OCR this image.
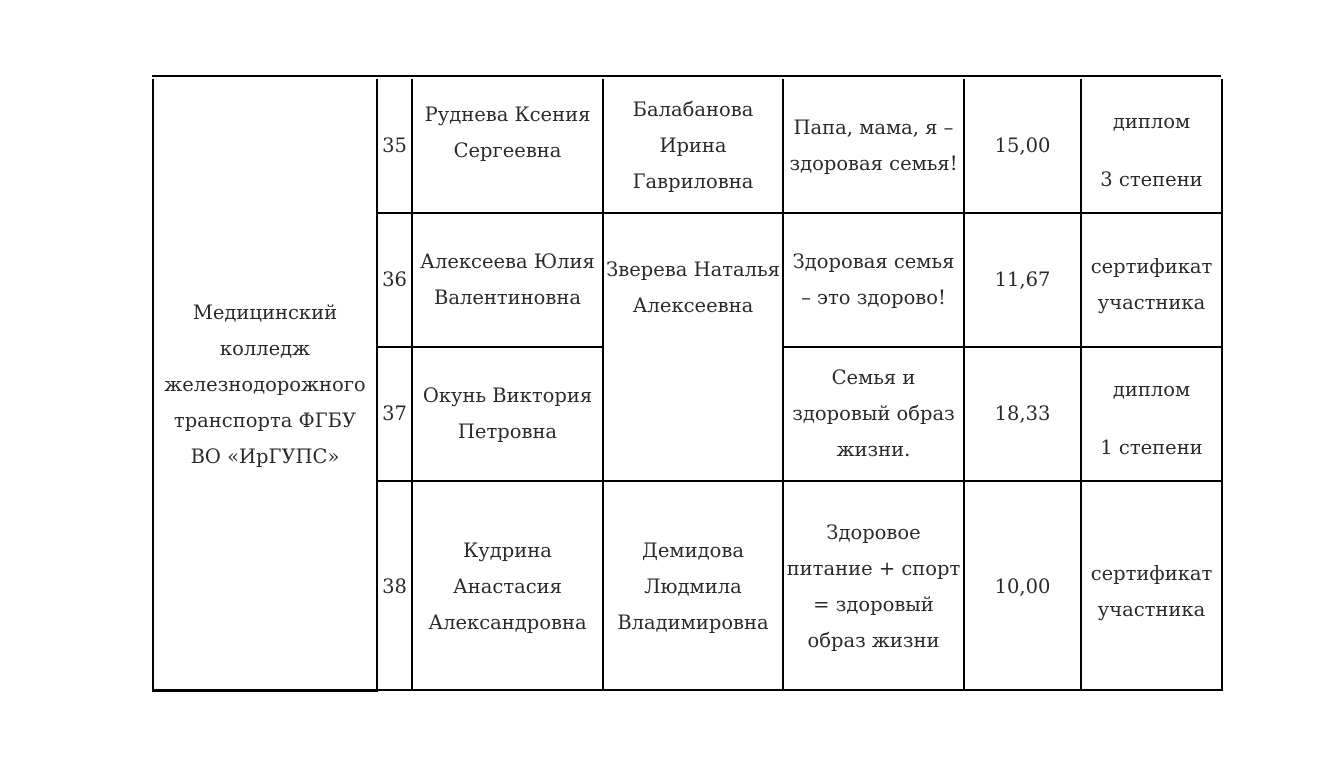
Медицинский колледж железнодорожного транспорта ФГБУ ВО «ИрГУПС»	35	Руднева Ксения Сергеевна	Балабанова Ирина Гавриловна	Папа, мама, я – здоровая семья!	15,00	диплом
3 степени
	36	Алексеева Юлия Валентиновна	Зверева Наталья Алексеевна	Здоровая семья – это здорово!	11,67	сертификат
участника
	37	Окунь Виктория Петровна		Семья и здоровый образ жизни.	18,33	диплом
1 степени
	38	Кудрина Анастасия Александровна	Демидова Людмила Владимировна	Здоровое питание + спорт = здоровый образ жизни	10,00	сертификат
участника
